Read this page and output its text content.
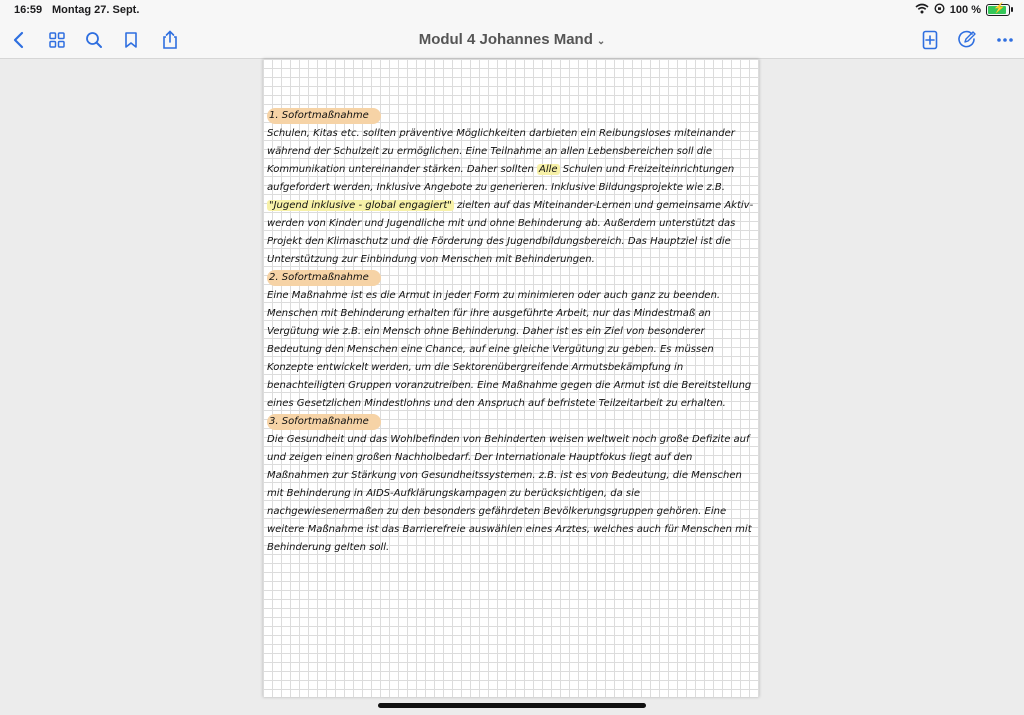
16:59 Montag 27. Sept.	100 % ⚡
Modul 4 Johannes Mand ⌄
1. Sofortmaßnahme

Schulen, Kitas etc. sollten präventive Möglichkeiten darbieten ein Reibungsloses miteinander während der Schulzeit zu ermöglichen. Eine Teilnahme an allen Lebensbereichen soll die Kommunikation untereinander stärken. Daher sollten Alle Schulen und Freizeiteinrichtungen aufgefordert werden, Inklusive Angebote zu generieren. Inklusive Bildungsprojekte wie z.B. "Jugend inklusive - global engagiert" zielten auf das Miteinander-Lernen und gemeinsame Aktiv-werden von Kinder und Jugendliche mit und ohne Behinderung ab. Außerdem unterstützt das Projekt den Klimaschutz und die Förderung des Jugendbildungsbereich. Das Hauptziel ist die Unterstützung zur Einbindung von Menschen mit Behinderungen.

2. Sofortmaßnahme

Eine Maßnahme ist es die Armut in jeder Form zu minimieren oder auch ganz zu beenden. Menschen mit Behinderung erhalten für ihre ausgeführte Arbeit, nur das Mindestmaß an Vergütung wie z.B. ein Mensch ohne Behinderung. Daher ist es ein Ziel von besonderer Bedeutung den Menschen eine Chance, auf eine gleiche Vergütung zu geben. Es müssen Konzepte entwickelt werden, um die Sektorenübergreifende Armutsbekämpfung in benachteiligten Gruppen voranzutreiben. Eine Maßnahme gegen die Armut ist die Bereitstellung eines Gesetzlichen Mindestlohns und den Anspruch auf befristete Teilzeitarbeit zu erhalten.

3. Sofortmaßnahme

Die Gesundheit und das Wohlbefinden von Behinderten weisen weltweit noch große Defizite auf und zeigen einen großen Nachholbedarf. Der Internationale Hauptfokus liegt auf den Maßnahmen zur Stärkung von Gesundheitssystemen. z.B. ist es von Bedeutung, die Menschen mit Behinderung in AIDS-Aufklärungskampagen zu berücksichtigen, da sie nachgewiesenermaßen zu den besonders gefährdeten Bevölkerungsgruppen gehören. Eine weitere Maßnahme ist das Barrierefreie auswählen eines Arztes, welches auch für Menschen mit Behinderung gelten soll.
